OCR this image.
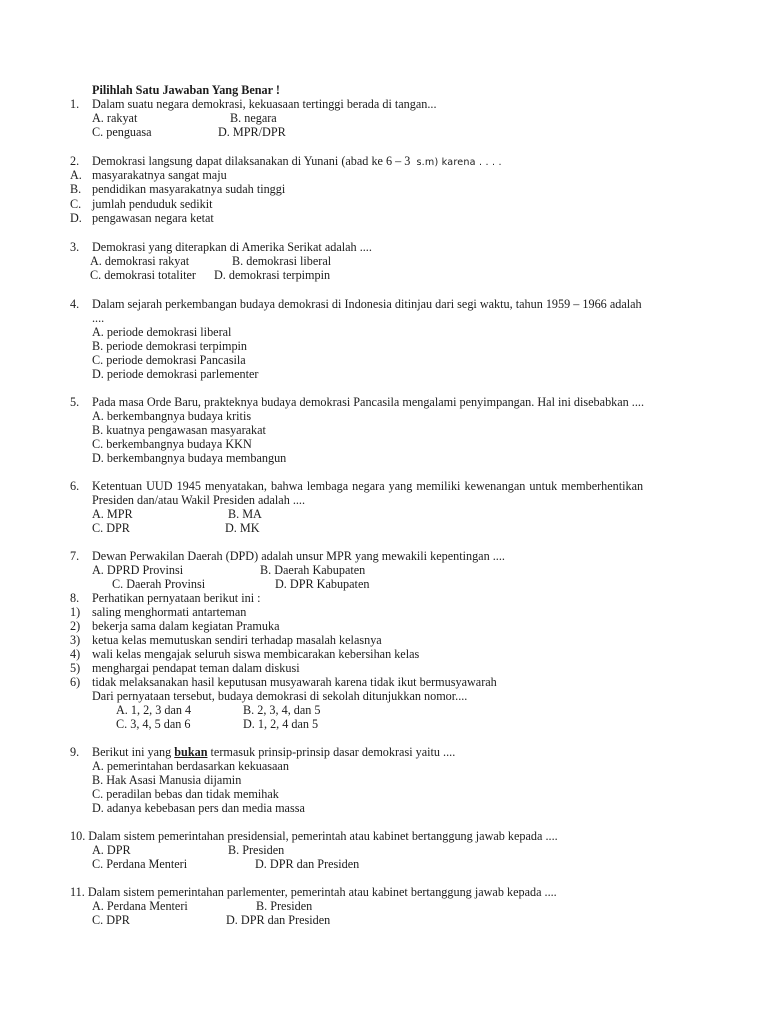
Pilihlah Satu Jawaban Yang Benar !
1. Dalam suatu negara demokrasi, kekuasaan tertinggi berada di tangan...
A. rakyat	B. negara
C. penguasa	D. MPR/DPR
2. Demokrasi langsung dapat dilaksanakan di Yunani (abad ke 6 – 3 s.m) karena . . . .
A. masyarakatnya sangat maju
B. pendidikan masyarakatnya sudah tinggi
C. jumlah penduduk sedikit
D. pengawasan negara ketat
3. Demokrasi yang diterapkan di Amerika Serikat adalah ....
A. demokrasi rakyat	B. demokrasi liberal
C. demokrasi totaliter D. demokrasi terpimpin
4. Dalam sejarah perkembangan budaya demokrasi di Indonesia ditinjau dari segi waktu, tahun 1959 – 1966 adalah
....
A. periode demokrasi liberal
B. periode demokrasi terpimpin
C. periode demokrasi Pancasila
D. periode demokrasi parlementer
5. Pada masa Orde Baru, prakteknya budaya demokrasi Pancasila mengalami penyimpangan. Hal ini disebabkan ....
A. berkembangnya budaya kritis
B. kuatnya pengawasan masyarakat
C. berkembangnya budaya KKN
D. berkembangnya budaya membangun
6. Ketentuan UUD 1945 menyatakan, bahwa lembaga negara yang memiliki kewenangan untuk memberhentikan
Presiden dan/atau Wakil Presiden adalah ....
A. MPR	B. MA
C. DPR	D. MK
7. Dewan Perwakilan Daerah (DPD) adalah unsur MPR yang mewakili kepentingan ....
A. DPRD Provinsi	B. Daerah Kabupaten
C. Daerah Provinsi	D. DPR Kabupaten
8. Perhatikan pernyataan berikut ini :
1) saling menghormati antarteman
2) bekerja sama dalam kegiatan Pramuka
3) ketua kelas memutuskan sendiri terhadap masalah kelasnya
4) wali kelas mengajak seluruh siswa membicarakan kebersihan kelas
5) menghargai pendapat teman dalam diskusi
6) tidak melaksanakan hasil keputusan musyawarah karena tidak ikut bermusyawarah
Dari pernyataan tersebut, budaya demokrasi di sekolah ditunjukkan nomor....
A. 1, 2, 3 dan 4	B. 2, 3, 4, dan 5
C. 3, 4, 5 dan 6	D. 1, 2, 4 dan 5
9. Berikut ini yang bukan termasuk prinsip-prinsip dasar demokrasi yaitu ....
A. pemerintahan berdasarkan kekuasaan
B. Hak Asasi Manusia dijamin
C. peradilan bebas dan tidak memihak
D. adanya kebebasan pers dan media massa
10. Dalam sistem pemerintahan presidensial, pemerintah atau kabinet bertanggung jawab kepada ....
A. DPR	B. Presiden
C. Perdana Menteri	D. DPR dan Presiden
11. Dalam sistem pemerintahan parlementer, pemerintah atau kabinet bertanggung jawab kepada ....
A. Perdana Menteri	B. Presiden
C. DPR	D. DPR dan Presiden
